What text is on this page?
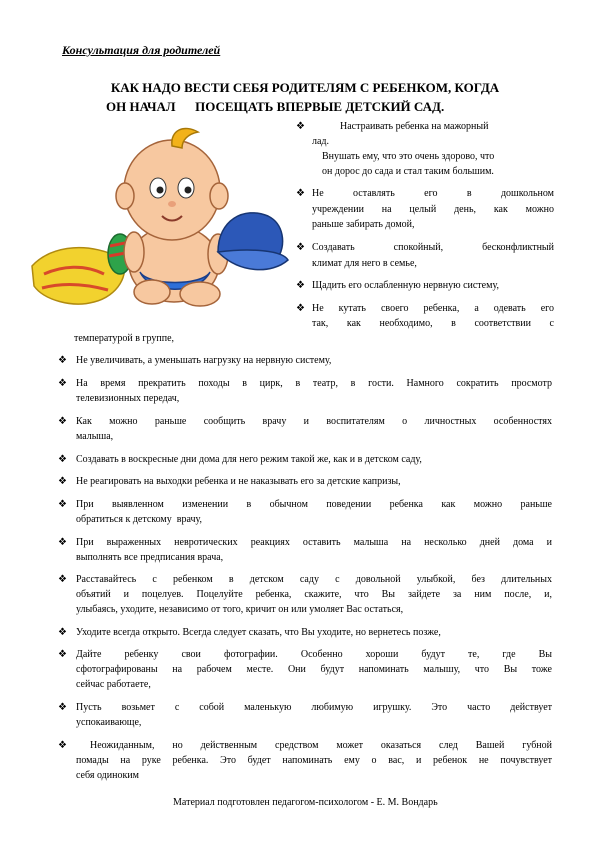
Консультация для родителей
КАК НАДО ВЕСТИ СЕБЯ РОДИТЕЛЯМ С РЕБЕНКОМ, КОГДА
ОН НАЧАЛ      ПОСЕЩАТЬ ВПЕРВЫЕ ДЕТСКИЙ САД.
❖	Настраивать ребенка на мажорный
лад.
Внушать ему, что это очень здорово, что
он дорос до сада и стал таким большим.
❖ Не оставлять его в дошкольном
учреждении на целый день, как можно
раньше забирать домой,
❖ Создавать спокойный, бесконфликтный
климат для него в семье,
❖ Щадить его ослабленную нервную систему,
❖ Не кутать своего ребенка, а одевать его
так, как необходимо, в соответствии с
температурой в группе,
❖ Не увеличивать, а уменьшать нагрузку на нервную систему,
❖ На время прекратить походы в цирк, в театр, в гости. Намного сократить просмотр
телевизионных передач,
❖ Как можно раньше сообщить врачу и воспитателям о личностных особенностях
малыша,
❖ Создавать в воскресные дни дома для него режим такой же, как и в детском саду,
❖ Не реагировать на выходки ребенка и не наказывать его за детские капризы,
❖ При выявленном изменении в обычном поведении ребенка как можно раньше
обратиться к детскому  врачу,
❖ При выраженных невротических реакциях оставить малыша на несколько дней дома и
выполнять все предписания врача,
❖ Расставайтесь с ребенком в детском саду с довольной улыбкой, без длительных
объятий и поцелуев. Поцелуйте ребенка, скажите, что Вы зайдете за ним после, и,
улыбаясь, уходите, независимо от того, кричит он или умоляет Вас остаться,
❖ Уходите всегда открыто. Всегда следует сказать, что Вы уходите, но вернетесь позже,
❖ Дайте ребенку свои фотографии. Особенно хороши будут те, где Вы
сфотографированы на рабочем месте. Они будут напоминать малышу, что Вы тоже
сейчас работаете,
❖ Пусть возьмет с собой маленькую любимую игрушку. Это часто действует
успокаивающе,
❖ Неожиданным, но действенным средством может оказаться след Вашей губной
помады на руке ребенка. Это будет напоминать ему о вас, и ребенок не почувствует
себя одиноким
Материал подготовлен педагогом-психологом - Е. М. Вондарь
